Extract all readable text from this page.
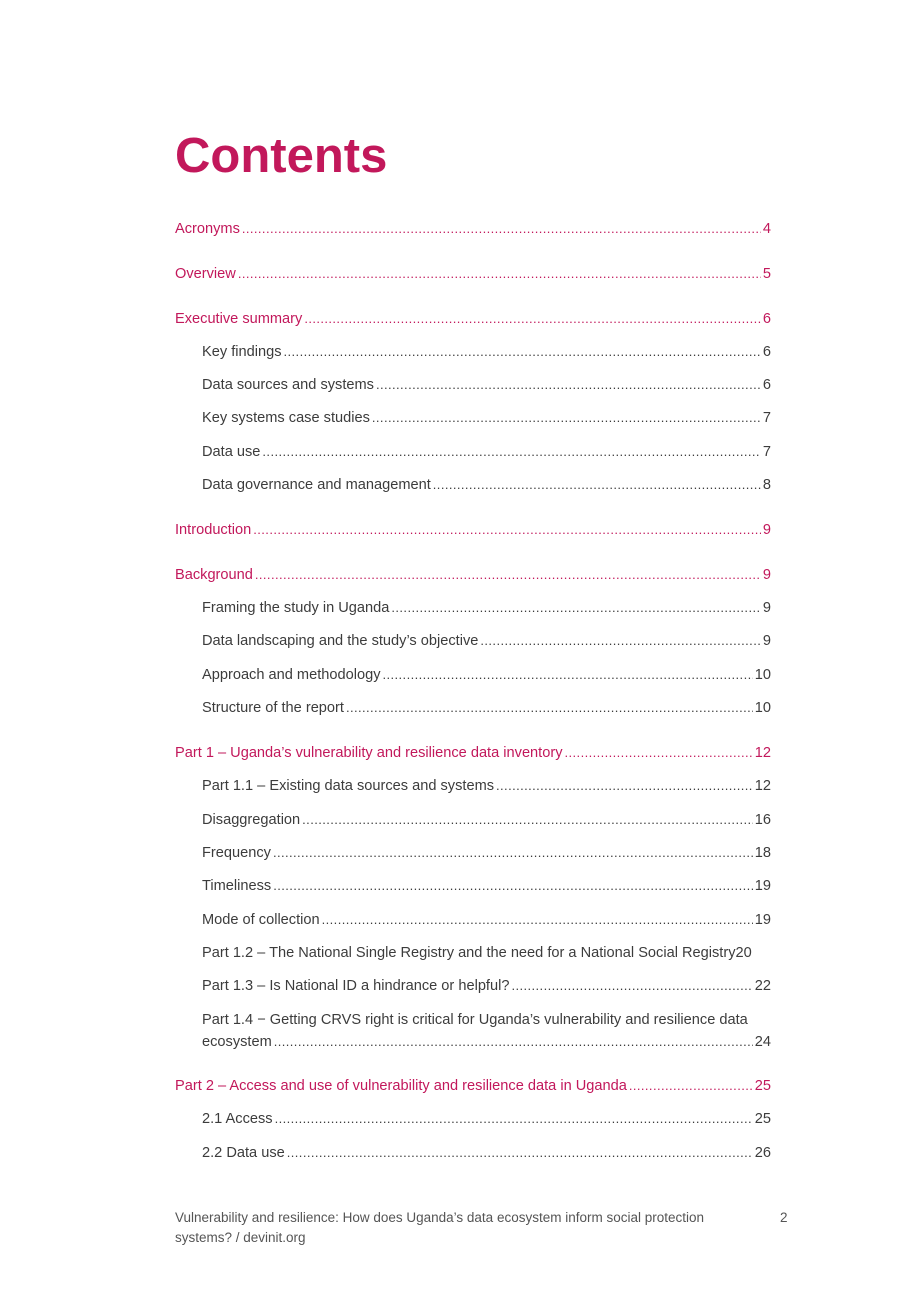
Contents
Acronyms .....	4
Overview .....	5
Executive summary .....	6
Key findings .....	6
Data sources and systems .....	6
Key systems case studies .....	7
Data use .....	7
Data governance and management .....	8
Introduction .....	9
Background .....	9
Framing the study in Uganda .....	9
Data landscaping and the study’s objective .....	9
Approach and methodology .....	10
Structure of the report .....	10
Part 1 – Uganda’s vulnerability and resilience data inventory .....	12
Part 1.1 – Existing data sources and systems .....	12
Disaggregation .....	16
Frequency .....	18
Timeliness .....	19
Mode of collection .....	19
Part 1.2 – The National Single Registry and the need for a National Social Registry 20
Part 1.3 – Is National ID a hindrance or helpful? .....	22
Part 1.4 − Getting CRVS right is critical for Uganda’s vulnerability and resilience data
ecosystem .....	24
Part 2 – Access and use of vulnerability and resilience data in Uganda .....	25
2.1 Access .....	25
2.2 Data use .....	26
Vulnerability and resilience: How does Uganda’s data ecosystem inform social protection systems? / devinit.org
2
